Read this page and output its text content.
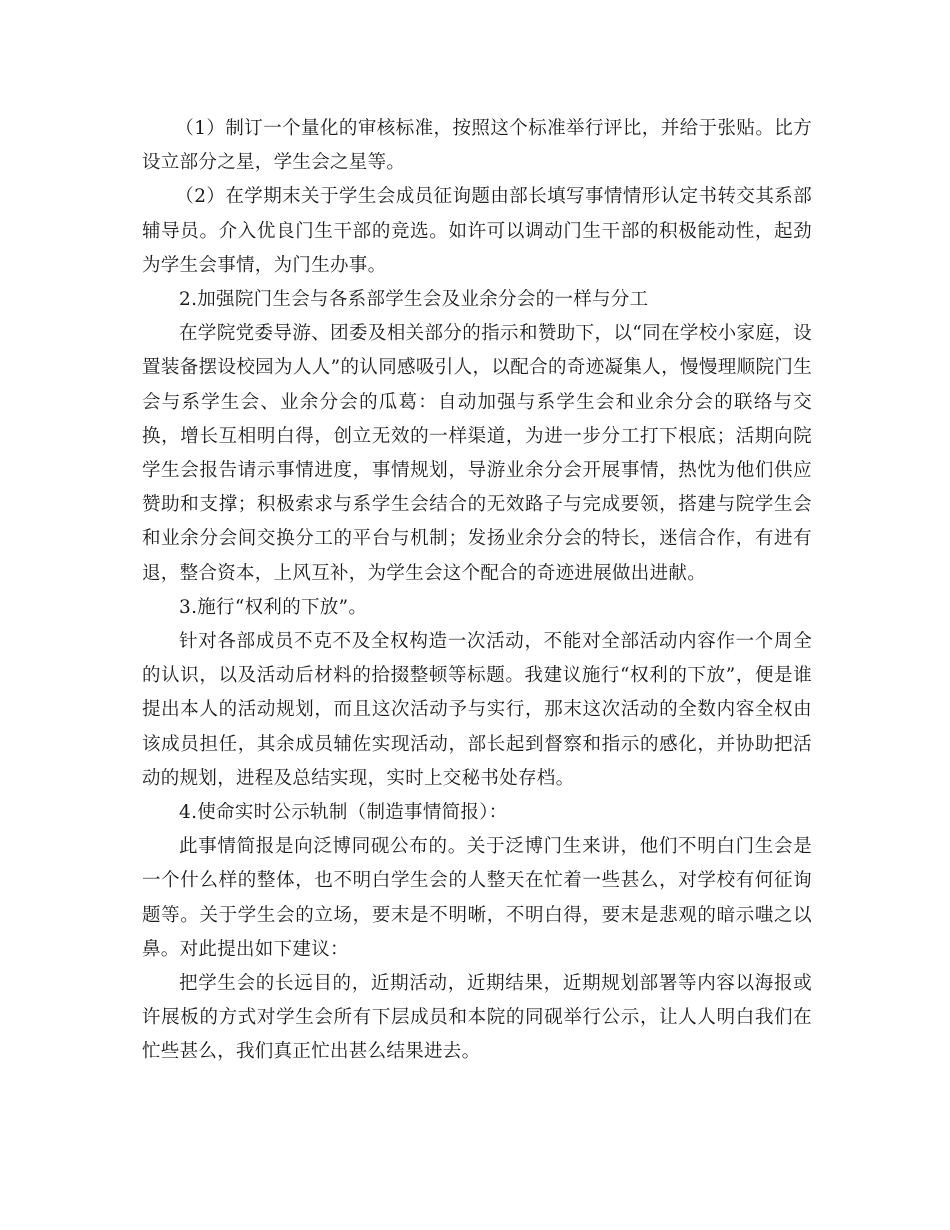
（1）制订一个量化的审核标准，按照这个标准举行评比，并给于张贴。比方设立部分之星，学生会之星等。

（2）在学期末关于学生会成员征询题由部长填写事情情形认定书转交其系部辅导员。介入优良门生干部的竞选。如许可以调动门生干部的积极能动性，起劲为学生会事情，为门生办事。

2.加强院门生会与各系部学生会及业余分会的一样与分工

在学院党委导游、团委及相关部分的指示和赞助下，以“同在学校小家庭，设置装备摆设校园为人人”的认同感吸引人，以配合的奇迹凝集人，慢慢理顺院门生会与系学生会、业余分会的瓜葛：自动加强与系学生会和业余分会的联络与交换，增长互相明白得，创立无效的一样渠道，为进一步分工打下根底；活期向院学生会报告请示事情进度，事情规划，导游业余分会开展事情，热忱为他们供应赞助和支撑；积极索求与系学生会结合的无效路子与完成要领，搭建与院学生会和业余分会间交换分工的平台与机制；发扬业余分会的特长，迷信合作，有进有退，整合资本，上风互补，为学生会这个配合的奇迹进展做出进献。

3.施行“权利的下放”。

针对各部成员不克不及全权构造一次活动，不能对全部活动内容作一个周全的认识，以及活动后材料的拾掇整顿等标题。我建议施行“权利的下放”，便是谁提出本人的活动规划，而且这次活动予与实行，那末这次活动的全数内容全权由该成员担任，其余成员辅佐实现活动，部长起到督察和指示的感化，并协助把活动的规划，进程及总结实现，实时上交秘书处存档。

4.使命实时公示轨制（制造事情简报）：

此事情简报是向泛博同砚公布的。关于泛博门生来讲，他们不明白门生会是一个什么样的整体，也不明白学生会的人整天在忙着一些甚么，对学校有何征询题等。关于学生会的立场，要末是不明晰，不明白得，要末是悲观的暗示嗤之以鼻。对此提出如下建议：

把学生会的长远目的，近期活动，近期结果，近期规划部署等内容以海报或许展板的方式对学生会所有下层成员和本院的同砚举行公示，让人人明白我们在忙些甚么，我们真正忙出甚么结果进去。
